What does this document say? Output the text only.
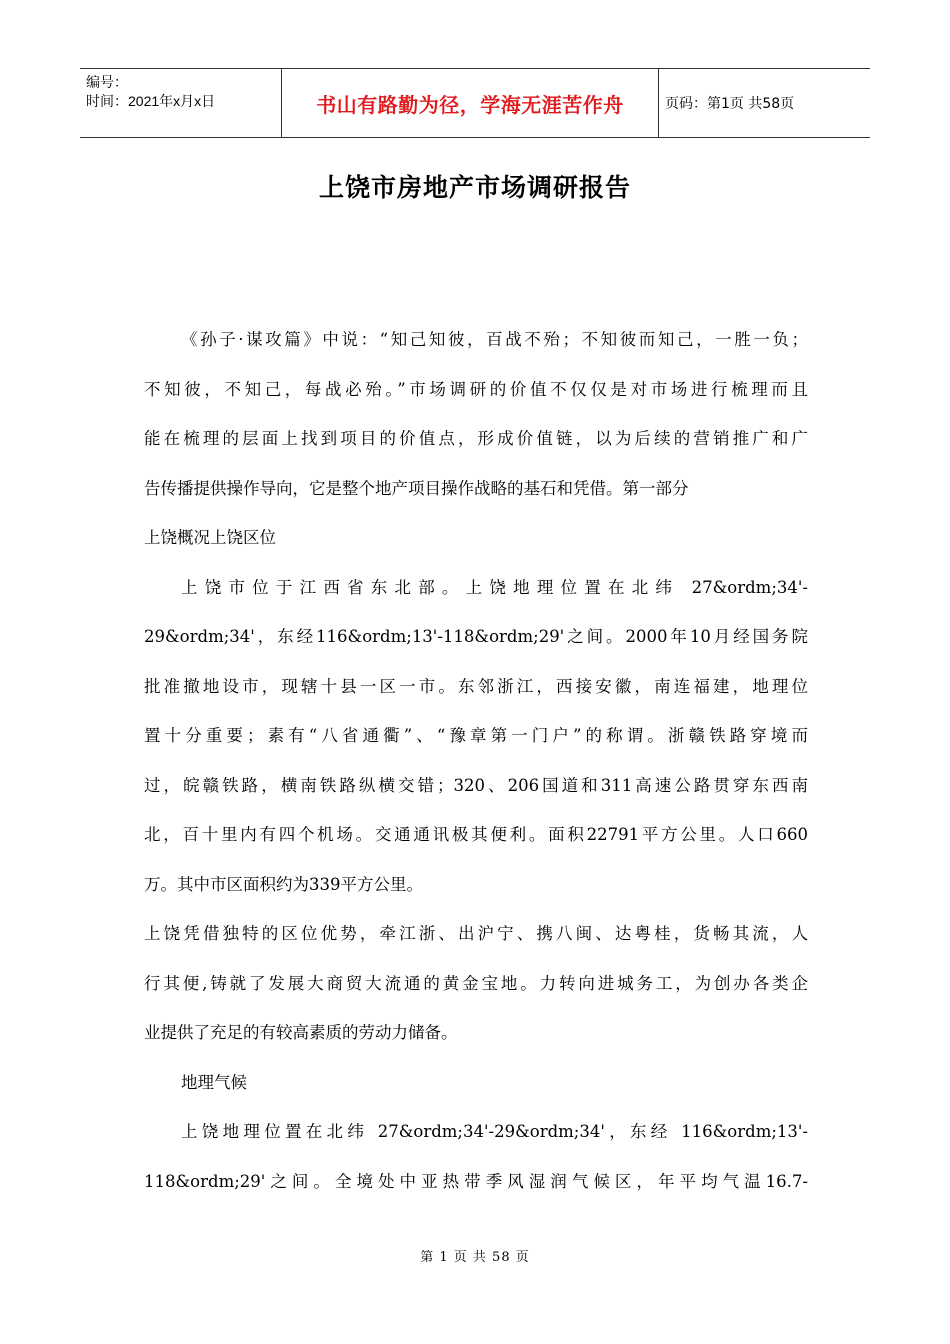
编号：
时间：2021年x月x日	书山有路勤为径，学海无涯苦作舟	页码：第1页 共58页
上饶市房地产市场调研报告
《孙子·谋攻篇》中说：“知己知彼，百战不殆；不知彼而知己，一胜一负；
不知彼，不知己，每战必殆。”市场调研的价值不仅仅是对市场进行梳理而且
能在梳理的层面上找到项目的价值点，形成价值链，以为后续的营销推广和广
告传播提供操作导向，它是整个地产项目操作战略的基石和凭借。第一部分
上饶概况上饶区位
上饶市位于江西省东北部。上饶地理位置在北纬 27&ordm;34'-
29&ordm;34'，东经116&ordm;13'-118&ordm;29'之间。2000年10月经国务院
批准撤地设市，现辖十县一区一市。东邻浙江，西接安徽，南连福建，地理位
置十分重要；素有“八省通衢”、“豫章第一门户”的称谓。浙赣铁路穿境而
过，皖赣铁路，横南铁路纵横交错；320、206国道和311高速公路贯穿东西南
北，百十里内有四个机场。交通通讯极其便利。面积22791平方公里。人口660
万。其中市区面积约为339平方公里。
上饶凭借独特的区位优势，牵江浙、出沪宁、携八闽、达粤桂，货畅其流，人
行其便,铸就了发展大商贸大流通的黄金宝地。力转向进城务工，为创办各类企
业提供了充足的有较高素质的劳动力储备。
地理气候
上饶地理位置在北纬 27&ordm;34'-29&ordm;34'，东经 116&ordm;13'-
118&ordm;29'之间。全境处中亚热带季风湿润气候区，年平均气温16.7-
第 1 页 共 58 页
